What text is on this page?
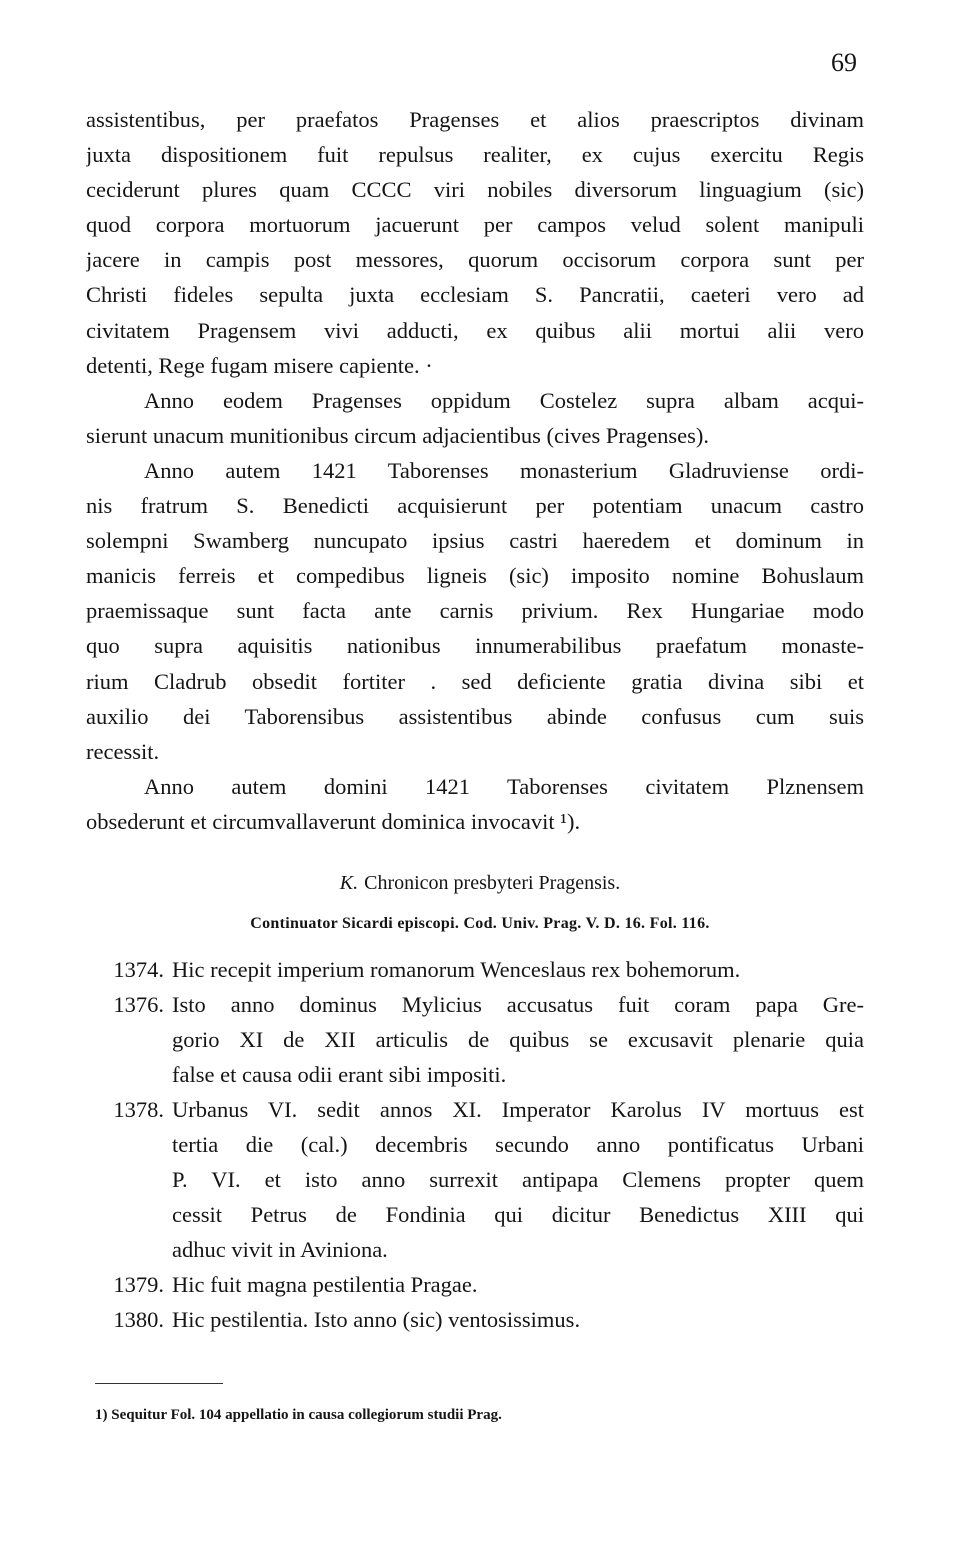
69
assistentibus, per praefatos Pragenses et alios praescriptos divinam
juxta dispositionem fuit repulsus realiter, ex cujus exercitu Regis
ceciderunt plures quam CCCC viri nobiles diversorum linguagium (sic)
quod corpora mortuorum jacuerunt per campos velud solent manipuli
jacere in campis post messores, quorum occisorum corpora sunt per
Christi fideles sepulta juxta ecclesiam S. Pancratii, caeteri vero ad
civitatem Pragensem vivi adducti, ex quibus alii mortui alii vero
detenti, Rege fugam misere capiente. ·
Anno eodem Pragenses oppidum Costelez supra albam acqui-
sierunt unacum munitionibus circum adjacientibus (cives Pragenses).
Anno autem 1421 Taborenses monasterium Gladruviense ordi-
nis fratrum S. Benedicti acquisierunt per potentiam unacum castro
solempni Swamberg nuncupato ipsius castri haeredem et dominum in
manicis ferreis et compedibus ligneis (sic) imposito nomine Bohuslaum
praemissaque sunt facta ante carnis privium. Rex Hungariae modo
quo supra aquisitis nationibus innumerabilibus praefatum monaste-
rium Cladrub obsedit fortiter . sed deficiente gratia divina sibi et
auxilio dei Taborensibus assistentibus abinde confusus cum suis
recessit.
Anno autem domini 1421 Taborenses civitatem Plznensem
obsederunt et circumvallaverunt dominica invocavit ¹).
K. Chronicon presbyteri Pragensis.
Continuator Sicardi episcopi. Cod. Univ. Prag. V. D. 16. Fol. 116.
1374. Hic recepit imperium romanorum Wenceslaus rex bohemorum.
1376. Isto anno dominus Mylicius accusatus fuit coram papa Gre-
gorio XI de XII articulis de quibus se excusavit plenarie quia
false et causa odii erant sibi impositi.
1378. Urbanus VI. sedit annos XI. Imperator Karolus IV mortuus est
tertia die (cal.) decembris secundo anno pontificatus Urbani
P. VI. et isto anno surrexit antipapa Clemens propter quem
cessit Petrus de Fondinia qui dicitur Benedictus XIII qui
adhuc vivit in Aviniona.
1379. Hic fuit magna pestilentia Pragae.
1380. Hic pestilentia. Isto anno (sic) ventosissimus.
1) Sequitur Fol. 104 appellatio in causa collegiorum studii Prag.
